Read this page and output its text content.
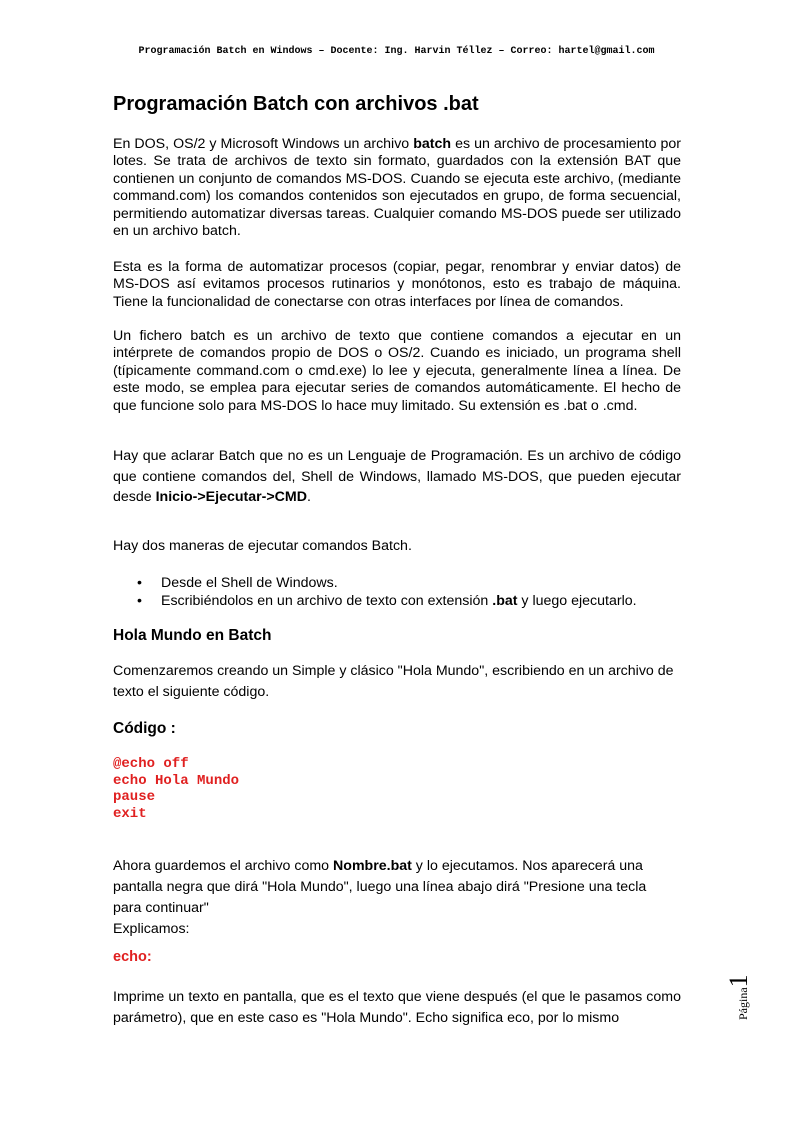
Programación Batch en Windows – Docente: Ing. Harvin Téllez – Correo: hartel@gmail.com
Programación Batch con archivos .bat

En DOS, OS/2 y Microsoft Windows un archivo batch es un archivo de procesamiento por lotes. Se trata de archivos de texto sin formato, guardados con la extensión BAT que contienen un conjunto de comandos MS-DOS. Cuando se ejecuta este archivo, (mediante command.com) los comandos contenidos son ejecutados en grupo, de forma secuencial, permitiendo automatizar diversas tareas. Cualquier comando MS-DOS puede ser utilizado en un archivo batch.

Esta es la forma de automatizar procesos (copiar, pegar, renombrar y enviar datos) de MS-DOS así evitamos procesos rutinarios y monótonos, esto es trabajo de máquina. Tiene la funcionalidad de conectarse con otras interfaces por línea de comandos.

Un fichero batch es un archivo de texto que contiene comandos a ejecutar en un intérprete de comandos propio de DOS o OS/2. Cuando es iniciado, un programa shell (típicamente command.com o cmd.exe) lo lee y ejecuta, generalmente línea a línea. De este modo, se emplea para ejecutar series de comandos automáticamente. El hecho de que funcione solo para MS-DOS lo hace muy limitado. Su extensión es .bat o .cmd.

Hay que aclarar Batch que no es un Lenguaje de Programación. Es un archivo de código que contiene comandos del, Shell de Windows, llamado MS-DOS, que pueden ejecutar desde Inicio->Ejecutar->CMD.

Hay dos maneras de ejecutar comandos Batch.

• Desde el Shell de Windows.
• Escribiéndolos en un archivo de texto con extensión .bat y luego ejecutarlo.
Hola Mundo en Batch

Comenzaremos creando un Simple y clásico "Hola Mundo", escribiendo en un archivo de texto el siguiente código.

Código :
@echo off
echo Hola Mundo
pause
exit

Ahora guardemos el archivo como Nombre.bat y lo ejecutamos. Nos aparecerá una pantalla negra que dirá "Hola Mundo", luego una línea abajo dirá "Presione una tecla para continuar"
Explicamos:

echo:

Imprime un texto en pantalla, que es el texto que viene después (el que le pasamos como parámetro), que en este caso es "Hola Mundo". Echo significa eco, por lo mismo	Página1
